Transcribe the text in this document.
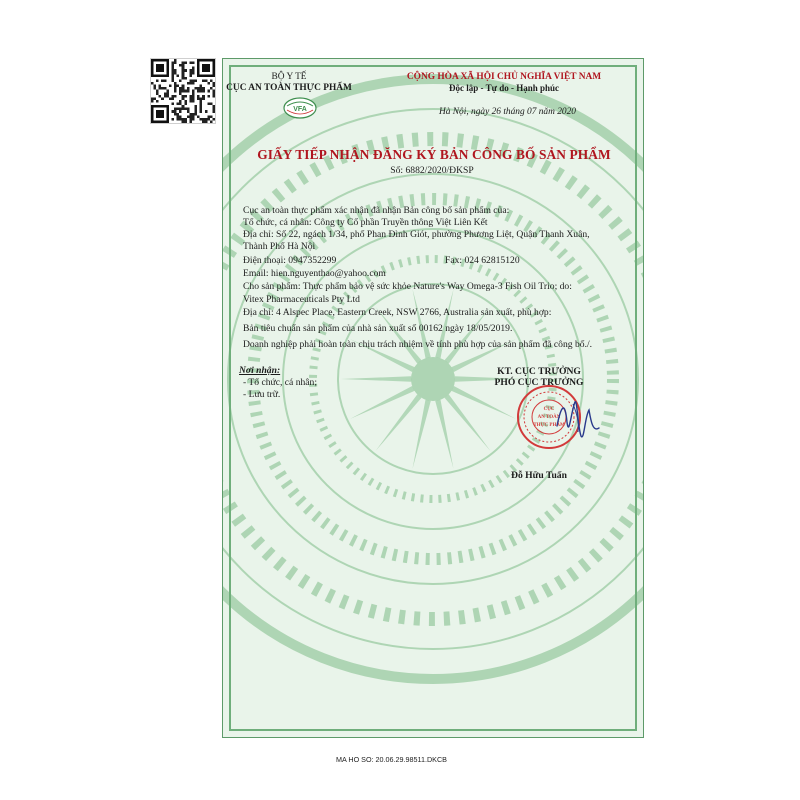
BỘ Y TẾ
CỤC AN TOÀN THỰC PHẨM
VFA
CỘNG HÒA XÃ HỘI CHỦ NGHĨA VIỆT NAM
Độc lập - Tự do - Hạnh phúc
Hà Nội, ngày 26 tháng 07 năm 2020
GIẤY TIẾP NHẬN ĐĂNG KÝ BẢN CÔNG BỐ SẢN PHẨM
Số: 6882/2020/ĐKSP
Cục an toàn thực phẩm xác nhận đã nhận Bản công bố sản phẩm của:
Tổ chức, cá nhân: Công ty Cổ phần Truyền thông Việt Liên Kết
Địa chỉ: Số 22, ngách 1/34, phố Phan Đình Giót, phường Phương Liệt, Quận Thanh Xuân,
Thành Phố Hà Nội
Điện thoại: 0947352299	Fax: 024 62815120
Email: hien.nguyenthao@yahoo.com
Cho sản phẩm: Thực phẩm bảo vệ sức khỏe Nature's Way Omega-3 Fish Oil Trio; do:
Vitex Pharmaceuticals Pty Ltd
Địa chỉ: 4 Alspec Place, Eastern Creek, NSW 2766, Australia sản xuất, phù hợp:
Bản tiêu chuẩn sản phẩm của nhà sản xuất số 00162 ngày 18/05/2019.
Doanh nghiệp phải hoàn toàn chịu trách nhiệm về tính phù hợp của sản phẩm đã công bố./.
Nơi nhận:
- Tổ chức, cá nhân;
- Lưu trữ.
KT. CỤC TRƯỞNG
PHÓ CỤC TRƯỞNG
CỤC
AN TOÀN
THỰC PHẨM
Đỗ Hữu Tuấn
MA HO SO: 20.06.29.98511.DKCB
